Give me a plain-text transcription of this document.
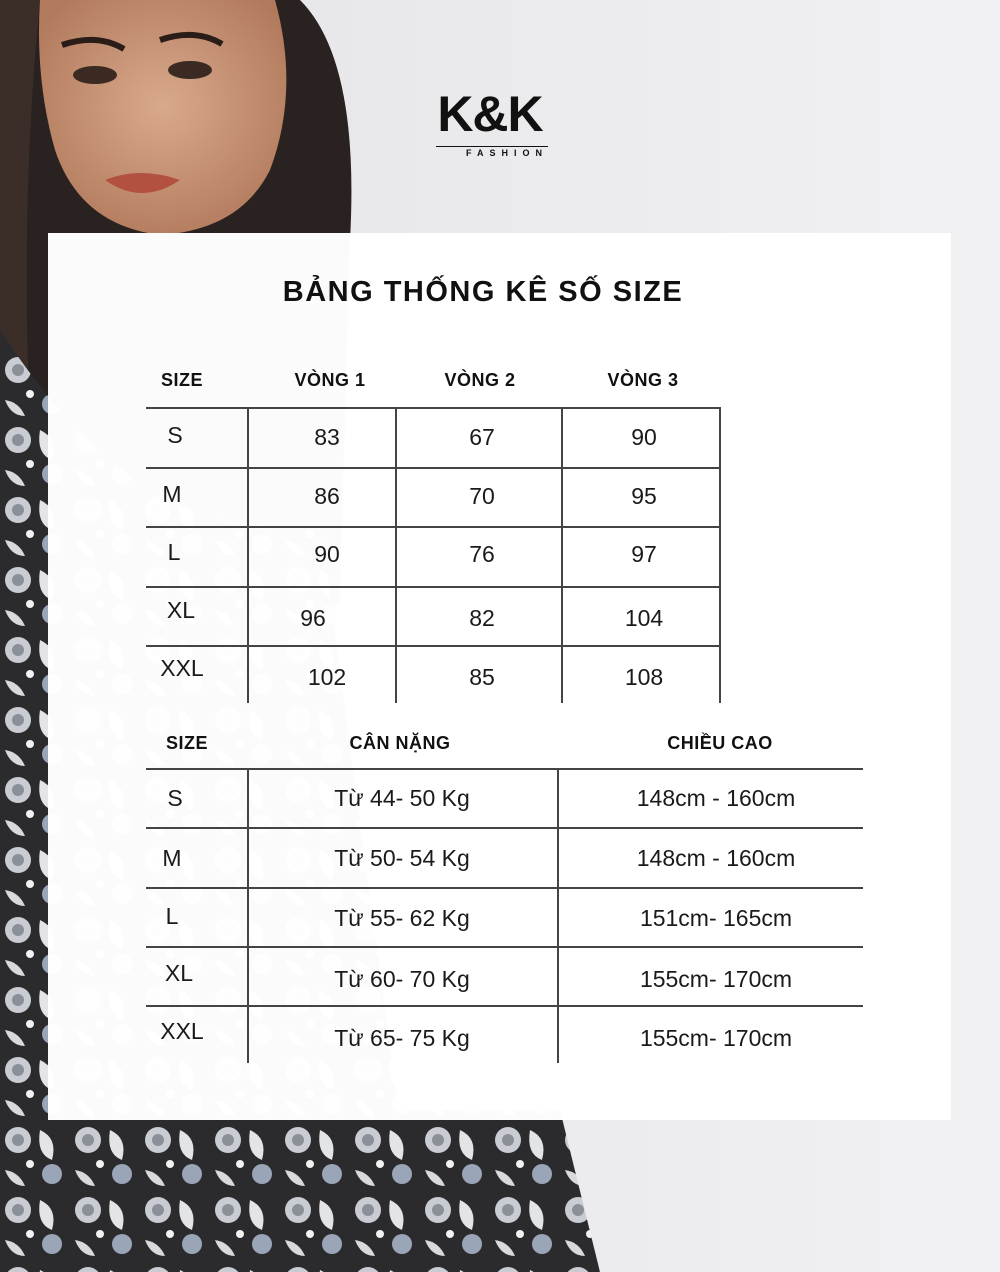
K&K
FASHION
BẢNG THỐNG KÊ SỐ SIZE
SIZE	VÒNG 1	VÒNG 2	VÒNG 3
S	83	67	90
M	86	70	95
L	90	76	97
XL	96	82	104
XXL	102	85	108
SIZE	CÂN NẶNG	CHIỀU CAO
S	Từ 44- 50 Kg	148cm - 160cm
M	Từ 50- 54 Kg	148cm - 160cm
L	Từ 55- 62 Kg	151cm- 165cm
XL	Từ 60- 70 Kg	155cm- 170cm
XXL	Từ 65- 75 Kg	155cm- 170cm
